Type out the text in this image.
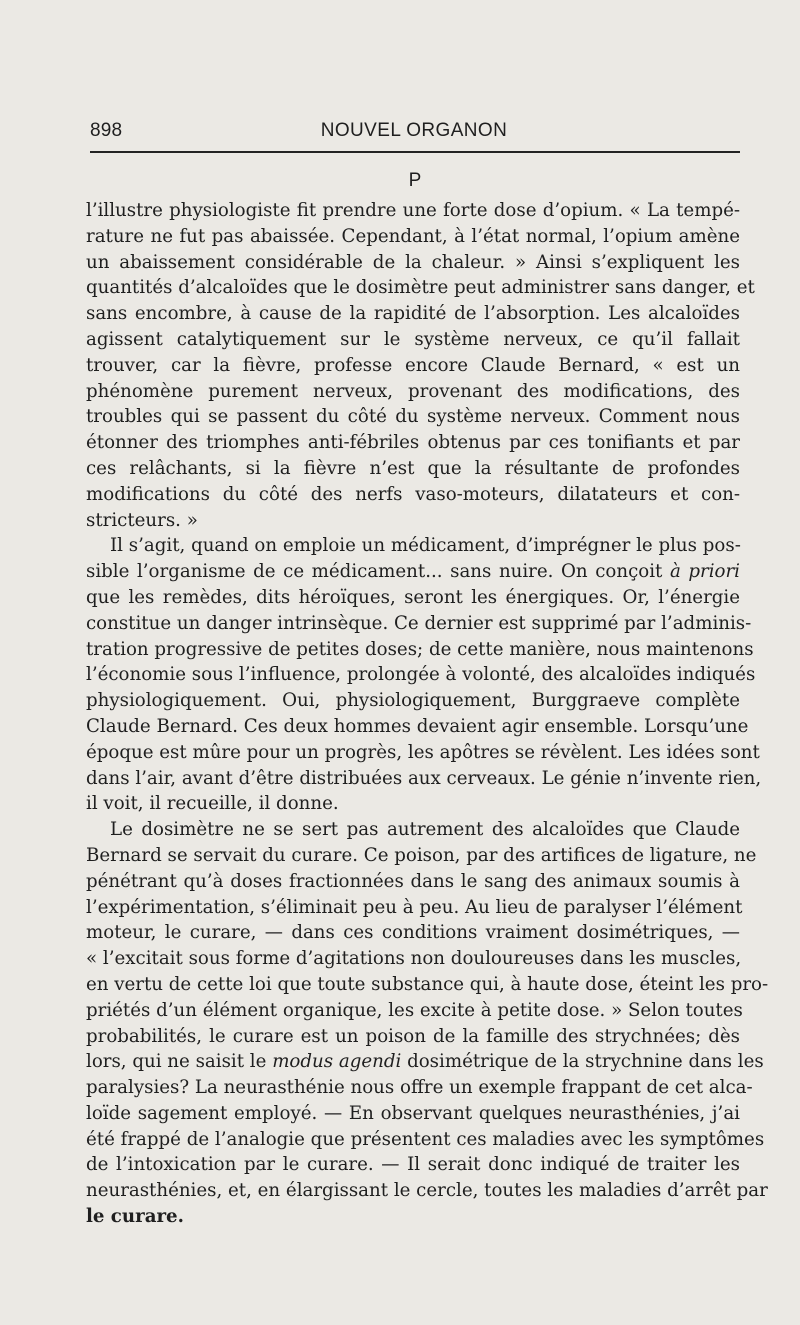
898	NOUVEL ORGANON
P
l’illustre physiologiste fit prendre une forte dose d’opium. « La tempé-
rature ne fut pas abaissée. Cependant, à l’état normal, l’opium amène
un abaissement considérable de la chaleur. » Ainsi s’expliquent les
quantités d’alcaloïdes que le dosimètre peut administrer sans danger, et
sans encombre, à cause de la rapidité de l’absorption. Les alcaloïdes
agissent catalytiquement sur le système nerveux, ce qu’il fallait
trouver, car la fièvre, professe encore Claude Bernard, « est un
phénomène purement nerveux, provenant des modifications, des
troubles qui se passent du côté du système nerveux. Comment nous
étonner des triomphes anti-fébriles obtenus par ces tonifiants et par
ces relâchants, si la fièvre n’est que la résultante de profondes
modifications du côté des nerfs vaso-moteurs, dilatateurs et con-
stricteurs. »
Il s’agit, quand on emploie un médicament, d’imprégner le plus pos-
sible l’organisme de ce médicament... sans nuire. On conçoit à priori
que les remèdes, dits héroïques, seront les énergiques. Or, l’énergie
constitue un danger intrinsèque. Ce dernier est supprimé par l’adminis-
tration progressive de petites doses; de cette manière, nous maintenons
l’économie sous l’influence, prolongée à volonté, des alcaloïdes indiqués
physiologiquement. Oui, physiologiquement, Burggraeve complète
Claude Bernard. Ces deux hommes devaient agir ensemble. Lorsqu’une
époque est mûre pour un progrès, les apôtres se révèlent. Les idées sont
dans l’air, avant d’être distribuées aux cerveaux. Le génie n’invente rien,
il voit, il recueille, il donne.
Le dosimètre ne se sert pas autrement des alcaloïdes que Claude
Bernard se servait du curare. Ce poison, par des artifices de ligature, ne
pénétrant qu’à doses fractionnées dans le sang des animaux soumis à
l’expérimentation, s’éliminait peu à peu. Au lieu de paralyser l’élément
moteur, le curare, — dans ces conditions vraiment dosimétriques, —
« l’excitait sous forme d’agitations non douloureuses dans les muscles,
en vertu de cette loi que toute substance qui, à haute dose, éteint les pro-
priétés d’un élément organique, les excite à petite dose. » Selon toutes
probabilités, le curare est un poison de la famille des strychnées; dès
lors, qui ne saisit le modus agendi dosimétrique de la strychnine dans les
paralysies? La neurasthénie nous offre un exemple frappant de cet alca-
loïde sagement employé. — En observant quelques neurasthénies, j’ai
été frappé de l’analogie que présentent ces maladies avec les symptômes
de l’intoxication par le curare. — Il serait donc indiqué de traiter les
neurasthénies, et, en élargissant le cercle, toutes les maladies d’arrêt par
le curare.
